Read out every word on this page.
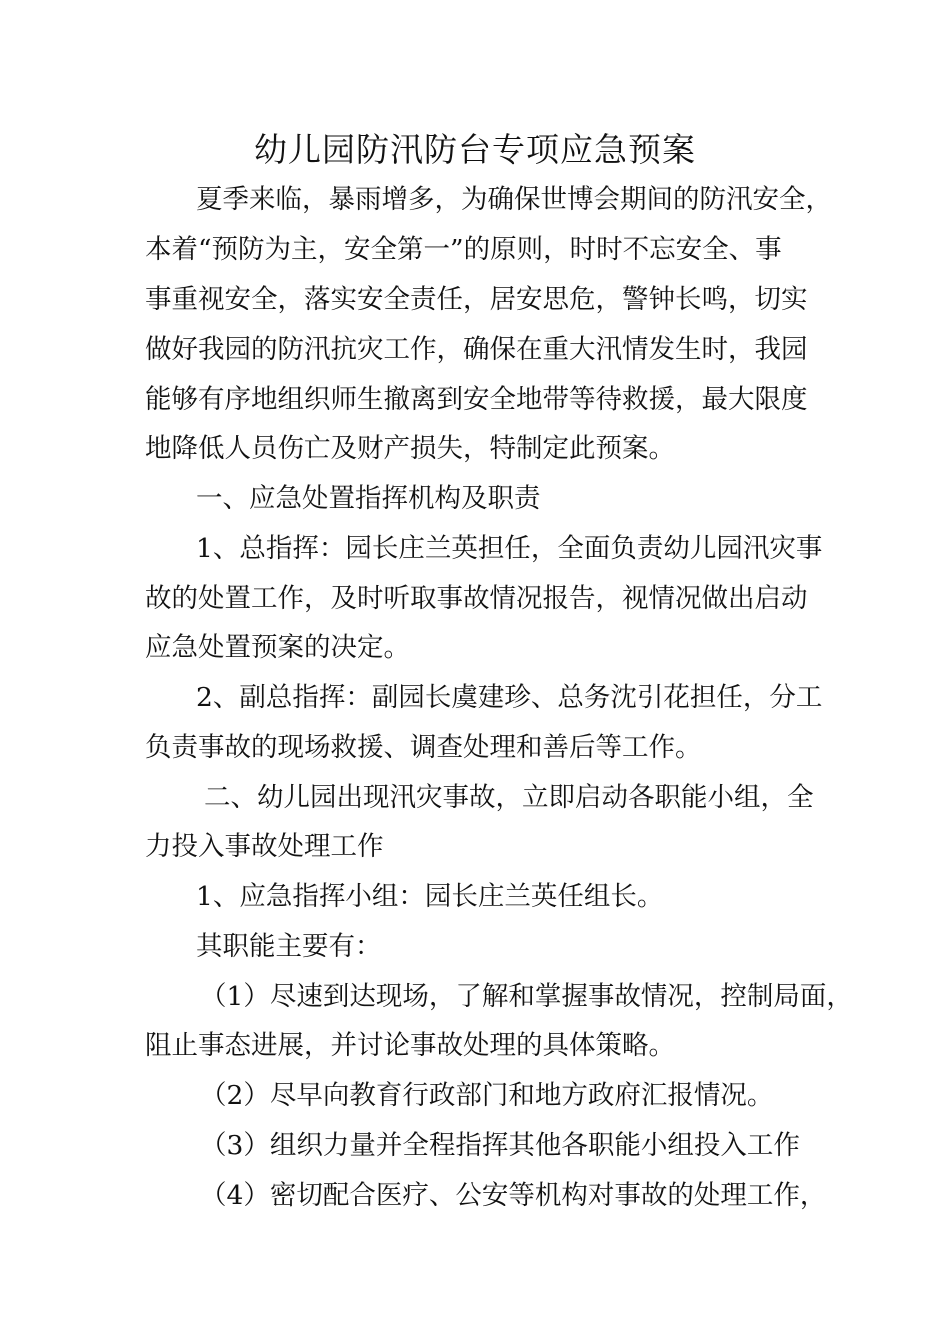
幼儿园防汛防台专项应急预案
夏季来临，暴雨增多，为确保世博会期间的防汛安全，
本着“预防为主，安全第一”的原则，时时不忘安全、事
事重视安全，落实安全责任，居安思危，警钟长鸣，切实
做好我园的防汛抗灾工作，确保在重大汛情发生时，我园
能够有序地组织师生撤离到安全地带等待救援，最大限度
地降低人员伤亡及财产损失，特制定此预案。
一、应急处置指挥机构及职责
1、总指挥：园长庄兰英担任，全面负责幼儿园汛灾事
故的处置工作，及时听取事故情况报告，视情况做出启动
应急处置预案的决定。
2、副总指挥：副园长虞建珍、总务沈引花担任，分工
负责事故的现场救援、调查处理和善后等工作。
二、幼儿园出现汛灾事故，立即启动各职能小组，全
力投入事故处理工作
1、应急指挥小组：园长庄兰英任组长。
其职能主要有：
（1）尽速到达现场，了解和掌握事故情况，控制局面，
阻止事态进展，并讨论事故处理的具体策略。
（2）尽早向教育行政部门和地方政府汇报情况。
（3）组织力量并全程指挥其他各职能小组投入工作
（4）密切配合医疗、公安等机构对事故的处理工作，
